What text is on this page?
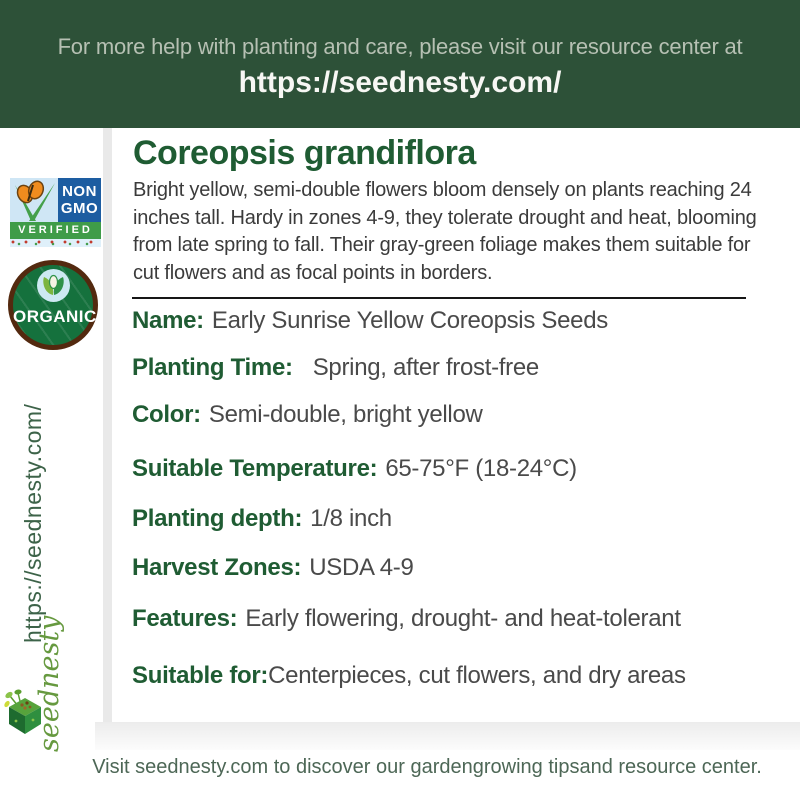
For more help with planting and care, please visit our resource center at
https://seednesty.com/
NON
GMO
VERIFIED
ORGANIC
https://seednesty.com/
seednesty
Coreopsis grandiflora
Bright yellow, semi-double flowers bloom densely on plants reaching 24
inches tall. Hardy in zones 4-9, they tolerate drought and heat, blooming
from late spring to fall. Their gray-green foliage makes them suitable for
cut flowers and as focal points in borders.
Name: Early Sunrise Yellow Coreopsis Seeds
Planting Time: Spring, after frost-free
Color: Semi-double, bright yellow
Suitable Temperature: 65-75°F (18-24°C)
Planting depth: 1/8 inch
Harvest Zones: USDA 4-9
Features: Early flowering, drought- and heat-tolerant
Suitable for:Centerpieces, cut flowers, and dry areas
Visit seednesty.com to discover our gardengrowing tipsand resource center.
